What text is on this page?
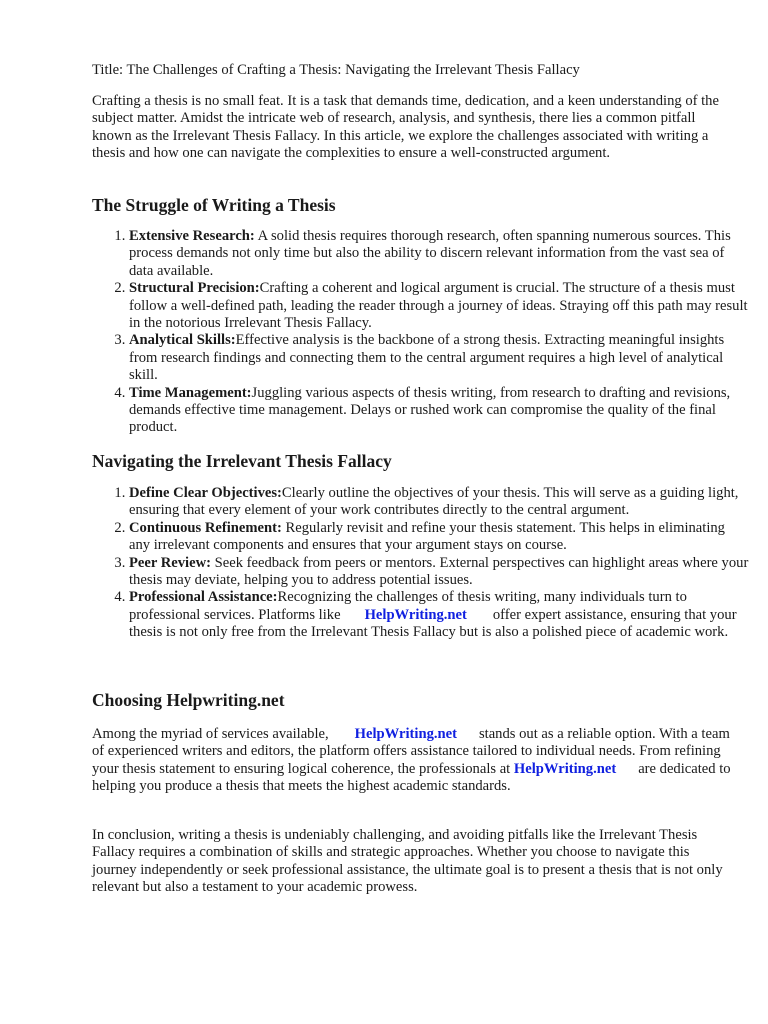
Title: The Challenges of Crafting a Thesis: Navigating the Irrelevant Thesis Fallacy

Crafting a thesis is no small feat. It is a task that demands time, dedication, and a keen understanding of the subject matter. Amidst the intricate web of research, analysis, and synthesis, there lies a common pitfall known as the Irrelevant Thesis Fallacy. In this article, we explore the challenges associated with writing a thesis and how one can navigate the complexities to ensure a well-constructed argument.

The Struggle of Writing a Thesis
1. Extensive Research: A solid thesis requires thorough research, often spanning numerous sources. This process demands not only time but also the ability to discern relevant information from the vast sea of data available.
2. Structural Precision:Crafting a coherent and logical argument is crucial. The structure of a thesis must follow a well-defined path, leading the reader through a journey of ideas. Straying off this path may result in the notorious Irrelevant Thesis Fallacy.
3. Analytical Skills:Effective analysis is the backbone of a strong thesis. Extracting meaningful insights from research findings and connecting them to the central argument requires a high level of analytical skill.
4. Time Management:Juggling various aspects of thesis writing, from research to drafting and revisions, demands effective time management. Delays or rushed work can compromise the quality of the final product.
Navigating the Irrelevant Thesis Fallacy
1. Define Clear Objectives:Clearly outline the objectives of your thesis. This will serve as a guiding light, ensuring that every element of your work contributes directly to the central argument.
2. Continuous Refinement: Regularly revisit and refine your thesis statement. This helps in eliminating any irrelevant components and ensures that your argument stays on course.
3. Peer Review: Seek feedback from peers or mentors. External perspectives can highlight areas where your thesis may deviate, helping you to address potential issues.
4. Professional Assistance:Recognizing the challenges of thesis writing, many individuals turn to professional services. Platforms like HelpWriting.net offer expert assistance, ensuring that your thesis is not only free from the Irrelevant Thesis Fallacy but is also a polished piece of academic work.
Choosing Helpwriting.net

Among the myriad of services available, HelpWriting.net stands out as a reliable option. With a team of experienced writers and editors, the platform offers assistance tailored to individual needs. From refining your thesis statement to ensuring logical coherence, the professionals at HelpWriting.net are dedicated to helping you produce a thesis that meets the highest academic standards.

In conclusion, writing a thesis is undeniably challenging, and avoiding pitfalls like the Irrelevant Thesis Fallacy requires a combination of skills and strategic approaches. Whether you choose to navigate this journey independently or seek professional assistance, the ultimate goal is to present a thesis that is not only relevant but also a testament to your academic prowess.
